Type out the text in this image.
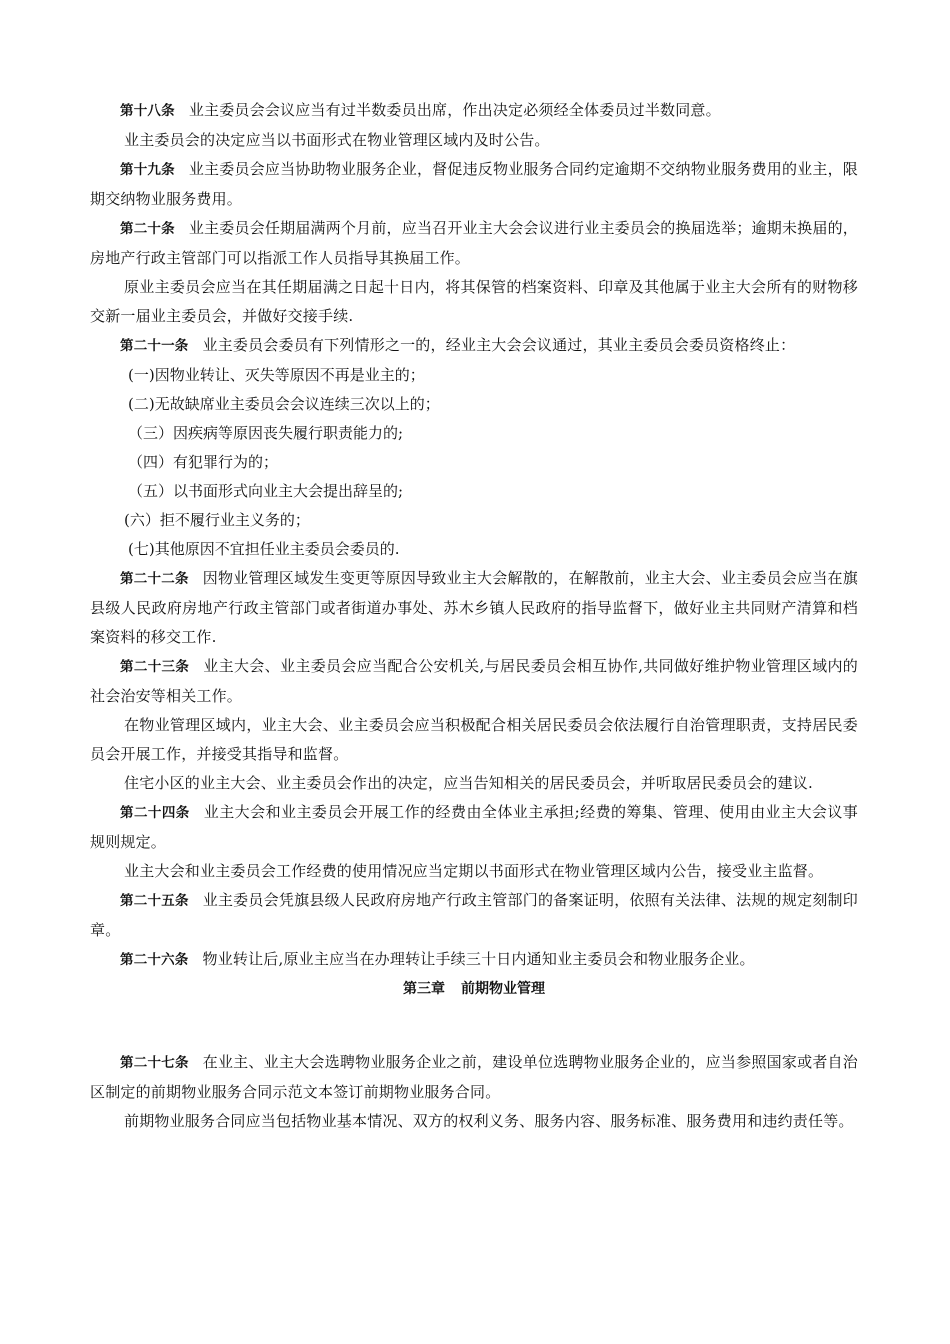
第十八条 业主委员会会议应当有过半数委员出席，作出决定必须经全体委员过半数同意。

业主委员会的决定应当以书面形式在物业管理区域内及时公告。

第十九条 业主委员会应当协助物业服务企业，督促违反物业服务合同约定逾期不交纳物业服务费用的业主，限期交纳物业服务费用。

第二十条 业主委员会任期届满两个月前，应当召开业主大会会议进行业主委员会的换届选举；逾期未换届的，房地产行政主管部门可以指派工作人员指导其换届工作。

原业主委员会应当在其任期届满之日起十日内，将其保管的档案资料、印章及其他属于业主大会所有的财物移交新一届业主委员会，并做好交接手续.

第二十一条 业主委员会委员有下列情形之一的，经业主大会会议通过，其业主委员会委员资格终止：

(一)因物业转让、灭失等原因不再是业主的；

(二)无故缺席业主委员会会议连续三次以上的；

（三）因疾病等原因丧失履行职责能力的;

（四）有犯罪行为的；

（五）以书面形式向业主大会提出辞呈的;

(六）拒不履行业主义务的；

(七)其他原因不宜担任业主委员会委员的.

第二十二条 因物业管理区域发生变更等原因导致业主大会解散的，在解散前，业主大会、业主委员会应当在旗县级人民政府房地产行政主管部门或者街道办事处、苏木乡镇人民政府的指导监督下，做好业主共同财产清算和档案资料的移交工作.

第二十三条 业主大会、业主委员会应当配合公安机关,与居民委员会相互协作,共同做好维护物业管理区域内的社会治安等相关工作。

在物业管理区域内，业主大会、业主委员会应当积极配合相关居民委员会依法履行自治管理职责，支持居民委员会开展工作，并接受其指导和监督。

住宅小区的业主大会、业主委员会作出的决定，应当告知相关的居民委员会，并听取居民委员会的建议.

第二十四条 业主大会和业主委员会开展工作的经费由全体业主承担;经费的筹集、管理、使用由业主大会议事规则规定。

业主大会和业主委员会工作经费的使用情况应当定期以书面形式在物业管理区域内公告，接受业主监督。

第二十五条 业主委员会凭旗县级人民政府房地产行政主管部门的备案证明，依照有关法律、法规的规定刻制印章。

第二十六条 物业转让后,原业主应当在办理转让手续三十日内通知业主委员会和物业服务企业。

第三章 前期物业管理

第二十七条 在业主、业主大会选聘物业服务企业之前，建设单位选聘物业服务企业的，应当参照国家或者自治区制定的前期物业服务合同示范文本签订前期物业服务合同。

前期物业服务合同应当包括物业基本情况、双方的权利义务、服务内容、服务标准、服务费用和违约责任等。
